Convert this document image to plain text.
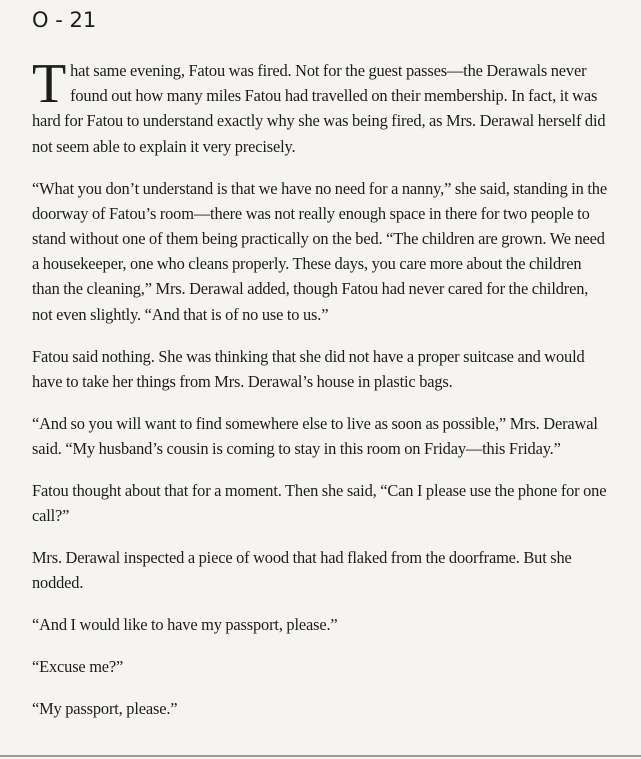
O - 21

That same evening, Fatou was fired. Not for the guest passes—the Derawals never found out how many miles Fatou had travelled on their membership. In fact, it was hard for Fatou to understand exactly why she was being fired, as Mrs. Derawal herself did not seem able to explain it very precisely.

“What you don’t understand is that we have no need for a nanny,” she said, standing in the doorway of Fatou’s room—there was not really enough space in there for two people to stand without one of them being practically on the bed. “The children are grown. We need a housekeeper, one who cleans properly. These days, you care more about the children than the cleaning,” Mrs. Derawal added, though Fatou had never cared for the children, not even slightly. “And that is of no use to us.”

Fatou said nothing. She was thinking that she did not have a proper suitcase and would have to take her things from Mrs. Derawal’s house in plastic bags.

“And so you will want to find somewhere else to live as soon as possible,” Mrs. Derawal said. “My husband’s cousin is coming to stay in this room on Friday—this Friday.”

Fatou thought about that for a moment. Then she said, “Can I please use the phone for one call?”

Mrs. Derawal inspected a piece of wood that had flaked from the doorframe. But she nodded.

“And I would like to have my passport, please.”

“Excuse me?”

“My passport, please.”
